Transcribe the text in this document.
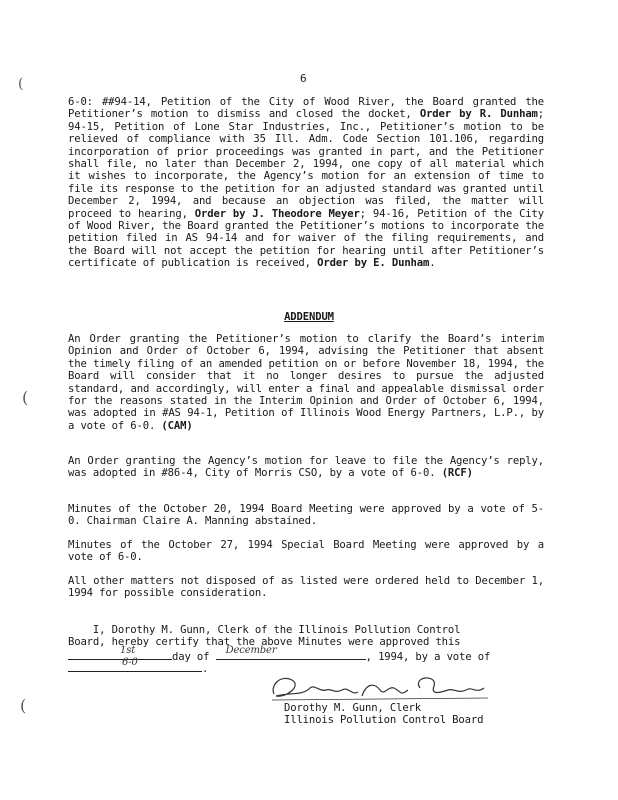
(
(
(
6
6-0: ##94-14, Petition of the City of Wood River, the Board granted the Petitioner’s motion to dismiss and closed the docket, Order by R. Dunham; 94-15, Petition of Lone Star Industries, Inc., Petitioner’s motion to be relieved of compliance with 35 Ill. Adm. Code Section 101.106, regarding incorporation of prior proceedings was granted in part, and the Petitioner shall file, no later than December 2, 1994, one copy of all material which it wishes to incorporate, the Agency’s motion for an extension of time to file its response to the petition for an adjusted standard was granted until December 2, 1994, and because an objection was filed, the matter will proceed to hearing, Order by J. Theodore Meyer; 94-16, Petition of the City of Wood River, the Board granted the Petitioner’s motions to incorporate the petition filed in AS 94-14 and for waiver of the filing requirements, and the Board will not accept the petition for hearing until after Petitioner’s certificate of publication is received, Order by E. Dunham.
ADDENDUM
An Order granting the Petitioner’s motion to clarify the Board’s interim Opinion and Order of October 6, 1994, advising the Petitioner that absent the timely filing of an amended petition on or before November 18, 1994, the Board will consider that it no longer desires to pursue the adjusted standard, and accordingly, will enter a final and appealable dismissal order for the reasons stated in the Interim Opinion and Order of October 6, 1994, was adopted in #AS 94-1, Petition of Illinois Wood Energy Partners, L.P., by a vote of 6-0. (CAM)
An Order granting the Agency’s motion for leave to file the Agency’s reply, was adopted in #86-4, City of Morris CSO, by a vote of 6-0. (RCF)
Minutes of the October 20, 1994 Board Meeting were approved by a vote of 5-0. Chairman Claire A. Manning abstained.
Minutes of the October 27, 1994 Special Board Meeting were approved by a vote of 6-0.
All other matters not disposed of as listed were ordered held to December 1, 1994 for possible consideration.
I, Dorothy M. Gunn, Clerk of the Illinois Pollution Control
Board, hereby certify that the above Minutes were approved this
1st
day of
December
, 1994, by a vote of
6-0
.
Dorothy M. Gunn, Clerk
Illinois Pollution Control Board
